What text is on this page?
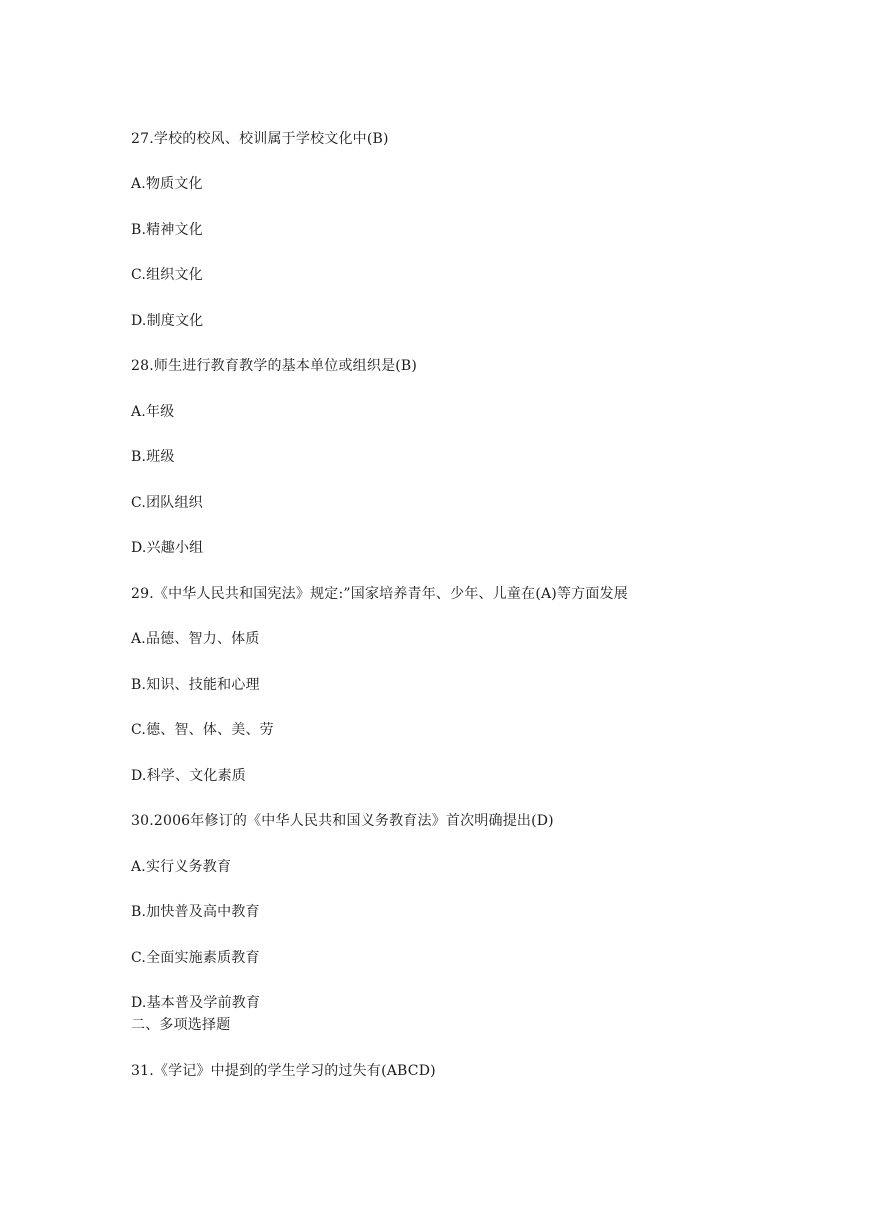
27.学校的校风、校训属于学校文化中(B)
A.物质文化
B.精神文化
C.组织文化
D.制度文化
28.师生进行教育教学的基本单位或组织是(B)
A.年级
B.班级
C.团队组织
D.兴趣小组
29.《中华人民共和国宪法》规定:”国家培养青年、少年、儿童在(A)等方面发展
A.品德、智力、体质
B.知识、技能和心理
C.德、智、体、美、劳
D.科学、文化素质
30.2006年修订的《中华人民共和国义务教育法》首次明确提出(D)
A.实行义务教育
B.加快普及高中教育
C.全面实施素质教育
D.基本普及学前教育
二、多项选择题
31.《学记》中提到的学生学习的过失有(ABCD)
